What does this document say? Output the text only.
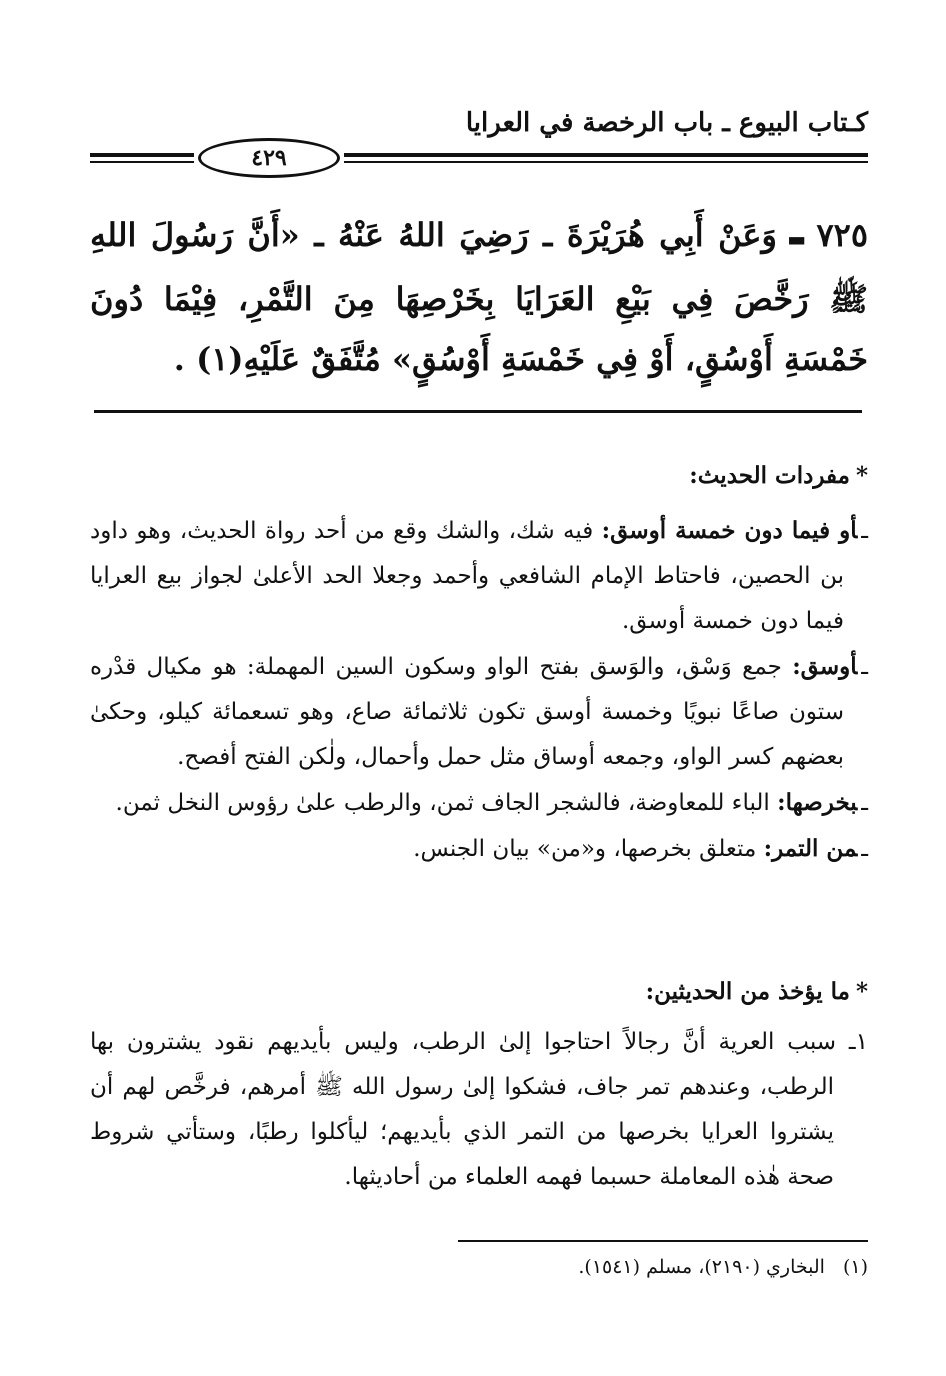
كـتاب البيوع ـ باب الرخصة في العرايا
٤٢٩
٧٢٥ ▬ وَعَنْ أَبِي هُرَيْرَةَ ـ رَضِيَ اللهُ عَنْهُ ـ «أَنَّ رَسُولَ اللهِ ﷺ رَخَّصَ فِي بَيْعِ العَرَايَا بِخَرْصِهَا مِنَ التَّمْرِ، فِيْمَا دُونَ خَمْسَةِ أَوْسُقٍ، أَوْ فِي خَمْسَةِ أَوْسُقٍ» مُتَّفَقٌ عَلَيْهِ(١) .
*مفردات الحديث:
ـأو فيما دون خمسة أوسق: فيه شك، والشك وقع من أحد رواة الحديث، وهو داود بن الحصين، فاحتاط الإمام الشافعي وأحمد وجعلا الحد الأعلىٰ لجواز بيع العرايا فيما دون خمسة أوسق.
ـأوسق: جمع وَسْق، والوَسق بفتح الواو وسكون السين المهملة: هو مكيال قدْره ستون صاعًا نبويًا وخمسة أوسق تكون ثلاثمائة صاع، وهو تسعمائة كيلو، وحكىٰ بعضهم كسر الواو، وجمعه أوساق مثل حمل وأحمال، ولٰكن الفتح أفصح.
ـبخرصها: الباء للمعاوضة، فالشجر الجاف ثمن، والرطب علىٰ رؤوس النخل ثمن.
ـمن التمر: متعلق بخرصها، و«من» بيان الجنس.
*ما يؤخذ من الحديثين:
١ـ سبب العرية أنَّ رجالاً احتاجوا إلىٰ الرطب، وليس بأيديهم نقود يشترون بها الرطب، وعندهم تمر جاف، فشكوا إلىٰ رسول الله ﷺ أمرهم، فرخَّص لهم أن يشتروا العرايا بخرصها من التمر الذي بأيديهم؛ ليأكلوا رطبًا، وستأتي شروط صحة هٰذه المعاملة حسبما فهمه العلماء من أحاديثها.
(١)البخاري (٢١٩٠)، مسلم (١٥٤١).
